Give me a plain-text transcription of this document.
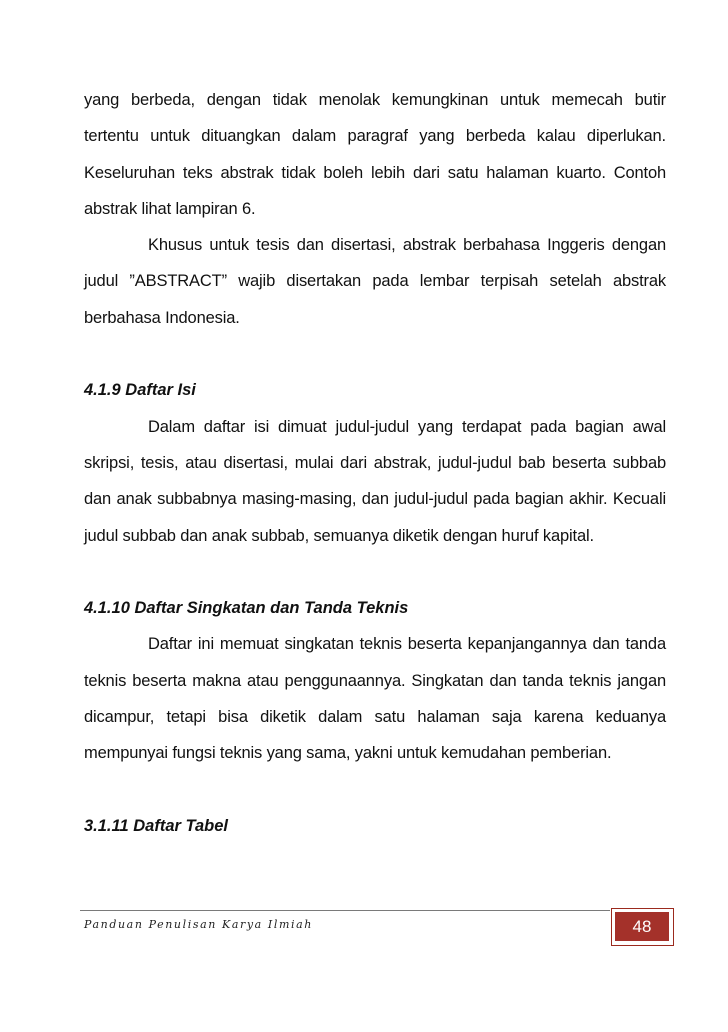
yang berbeda, dengan tidak menolak kemungkinan untuk memecah butir tertentu untuk dituangkan dalam paragraf yang berbeda kalau diperlukan. Keseluruhan teks abstrak tidak boleh lebih dari satu halaman kuarto. Contoh abstrak lihat lampiran 6.

Khusus untuk tesis dan disertasi, abstrak berbahasa Inggeris dengan judul ”ABSTRACT” wajib disertakan pada lembar terpisah setelah abstrak berbahasa Indonesia.

4.1.9 Daftar Isi

Dalam daftar isi dimuat judul-judul yang terdapat pada bagian awal skripsi, tesis, atau disertasi, mulai dari abstrak, judul-judul bab beserta subbab dan anak subbabnya masing-masing, dan judul-judul pada bagian akhir. Kecuali judul subbab dan anak subbab, semuanya diketik dengan huruf kapital.

4.1.10 Daftar Singkatan dan Tanda Teknis

Daftar ini memuat singkatan teknis beserta kepanjangannya dan tanda teknis beserta makna atau penggunaannya. Singkatan dan tanda teknis jangan dicampur, tetapi bisa diketik dalam satu halaman saja karena keduanya mempunyai fungsi teknis yang sama, yakni untuk kemudahan pemberian.

3.1.11 Daftar Tabel
Panduan Penulisan Karya Ilmiah	48
